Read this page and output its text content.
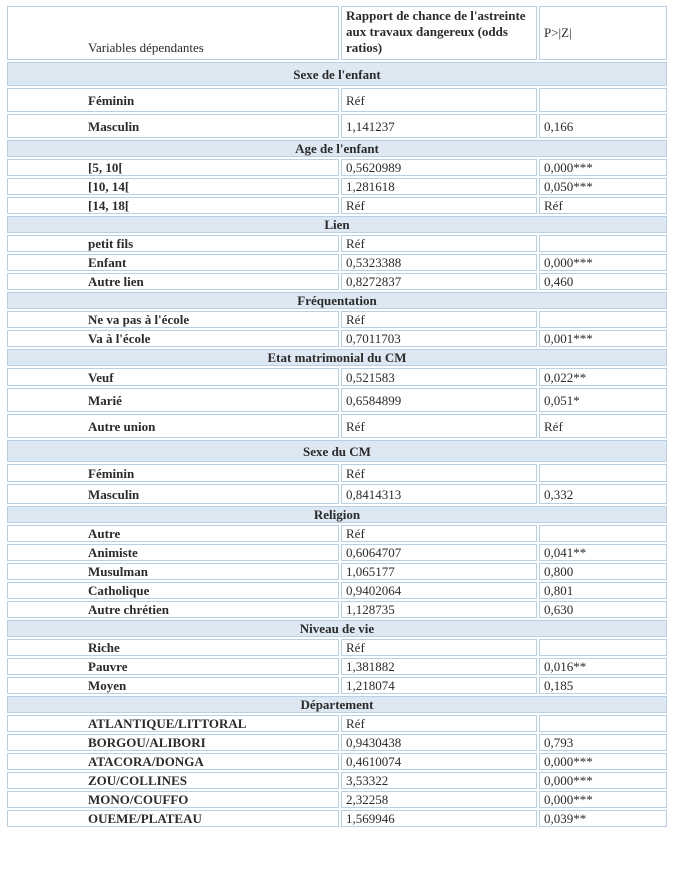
Variables dépendantes	Rapport de chance de l'astreinte aux travaux dangereux (odds ratios)	P>|Z|
Sexe de l'enfant		
Féminin	Réf	
Masculin	1,141237	0,166
Age de l'enfant		
[5, 10[	0,5620989	0,000***
[10, 14[	1,281618	0,050***
[14, 18[	Réf	Réf
Lien		
petit fils	Réf	
Enfant	0,5323388	0,000***
Autre lien	0,8272837	0,460
Fréquentation		
Ne va pas à l'école	Réf	
Va à l'école	0,7011703	0,001***
Etat matrimonial du CM		
Veuf	0,521583	0,022**
Marié	0,6584899	0,051*
Autre union	Réf	Réf
Sexe du CM		
Féminin	Réf	
Masculin	0,8414313	0,332
Religion		
Autre	Réf	
Animiste	0,6064707	0,041**
Musulman	1,065177	0,800
Catholique	0,9402064	0,801
Autre chrétien	1,128735	0,630
Niveau de vie		
Riche	Réf	
Pauvre	1,381882	0,016**
Moyen	1,218074	0,185
Département		
ATLANTIQUE/LITTORAL	Réf	
BORGOU/ALIBORI	0,9430438	0,793
ATACORA/DONGA	0,4610074	0,000***
ZOU/COLLINES	3,53322	0,000***
MONO/COUFFO	2,32258	0,000***
OUEME/PLATEAU	1,569946	0,039**
